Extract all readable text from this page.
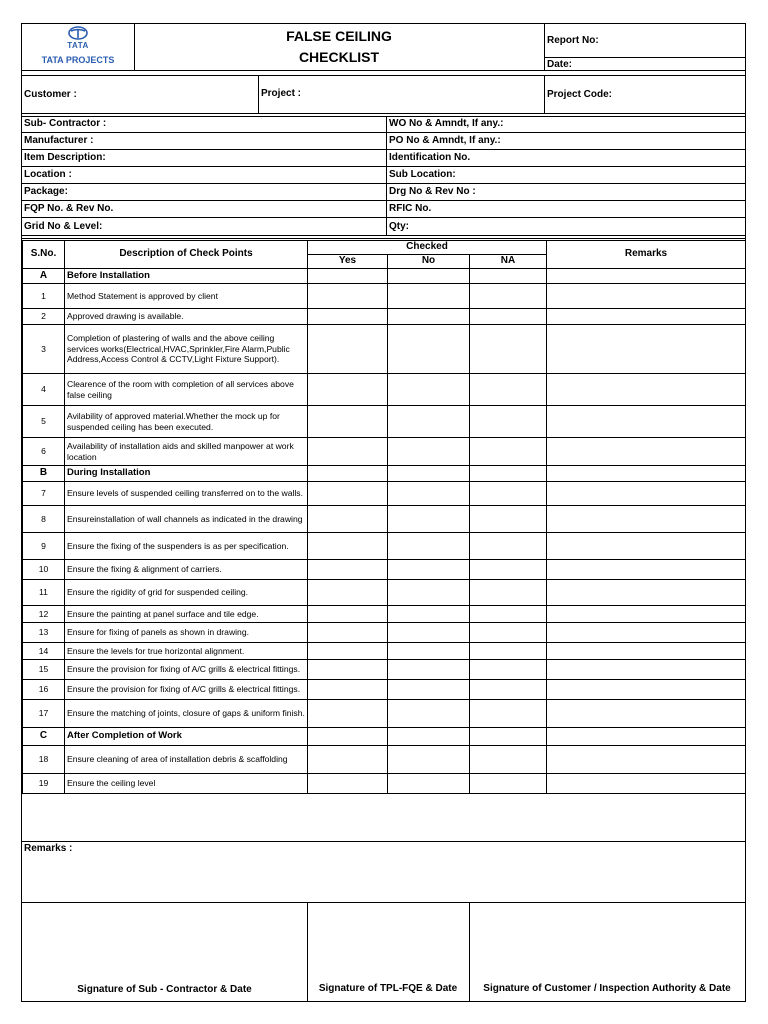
TATA
TATA PROJECTS
FALSE CEILING
CHECKLIST
Report No:
Date:
Customer :	Project :	Project Code:
Sub- Contractor :
Manufacturer :
Item Description:
Location :
Package:
FQP No. & Rev No.
Grid No & Level:
WO No & Amndt, If any.:
PO No & Amndt, If any.:
Identification No.
Sub Location:
Drg No & Rev No :
RFIC No.
Qty:
S.No.	Description of Check Points	Checked			Remarks
		Yes	No	NA	
A	Before Installation				
1	Method Statement is approved by client				
2	Approved drawing is available.				
3	Completion of plastering of walls and the above ceiling services works(Electrical,HVAC,Sprinkler,Fire Alarm,Public Address,Access Control & CCTV,Light Fixture Support).				
4	Clearence of the room with completion of all services above false ceiling				
5	Avilability of approved material.Whether the mock up for suspended ceiling has been executed.				
6	Availability of installation aids and skilled manpower at work location				
B	During Installation				
7	Ensure levels of suspended ceiling transferred on to the walls.				
8	Ensureinstallation of wall channels as indicated in the drawing				
9	Ensure the fixing of the suspenders is as per specification.				
10	Ensure the fixing & alignment of carriers.				
11	Ensure the rigidity of grid for suspended ceiling.				
12	Ensure the painting at panel surface and tile edge.				
13	Ensure for fixing of panels as shown in drawing.				
14	Ensure the levels for true horizontal alignment.				
15	Ensure the provision for fixing of A/C grills & electrical fittings.				
16	Ensure the provision for fixing of A/C grills & electrical fittings.				
17	Ensure the matching of joints, closure of gaps & uniform finish.				
C	After Completion of Work				
18	Ensure cleaning of area of installation debris & scaffolding				
19	Ensure the ceiling level				
Remarks :
Signature of Sub - Contractor & Date	Signature of TPL-FQE & Date	Signature of Customer / Inspection Authority & Date
